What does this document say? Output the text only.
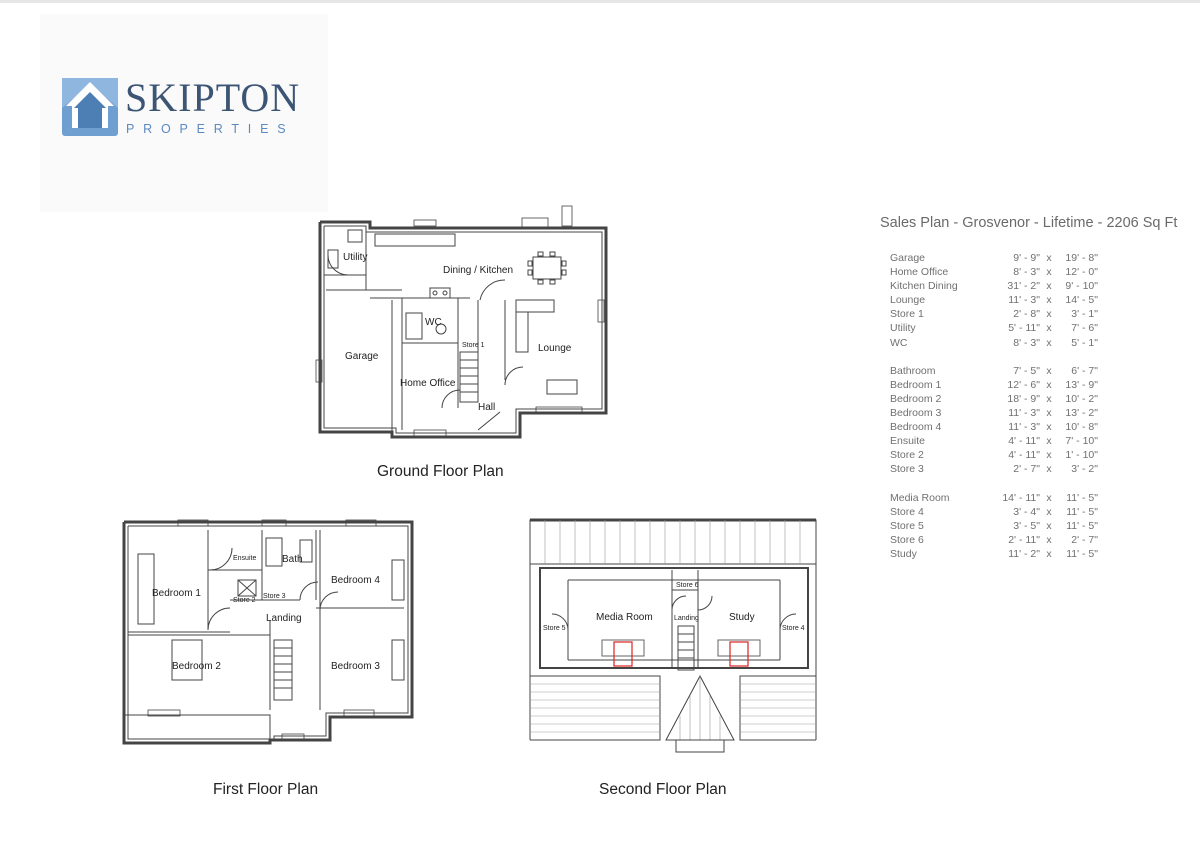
SKIPTON
PROPERTIES
Sales Plan - Grosvenor - Lifetime - 2206 Sq Ft
Garage	9' - 9"	x	19' - 8"
Home Office	8' - 3"	x	12' - 0"
Kitchen Dining	31' - 2"	x	9' - 10"
Lounge	11' - 3"	x	14' - 5"
Store 1	2' - 8"	x	3' - 1"
Utility	5' - 11"	x	7' - 6"
WC	8' - 3"	x	5' - 1"

Bathroom	7' - 5"	x	6' - 7"
Bedroom 1	12' - 6"	x	13' - 9"
Bedroom 2	18' - 9"	x	10' - 2"
Bedroom 3	11' - 3"	x	13' - 2"
Bedroom 4	11' - 3"	x	10' - 8"
Ensuite	4' - 11"	x	7' - 10"
Store 2	4' - 11"	x	1' - 10"
Store 3	2' - 7"	x	3' - 2"

Media Room	14' - 11"	x	11' - 5"
Store 4	3' - 4"	x	11' - 5"
Store 5	3' - 5"	x	11' - 5"
Store 6	2' - 11"	x	2' - 7"
Study	11' - 2"	x	11' - 5"
Utility
Dining / Kitchen
WC
Store 1
Garage
Lounge
Home Office
Hall
Ensuite	Bath
Bedroom 1
Bedroom 4
Store 2
Store 3
Landing
Bedroom 2	Bedroom 3
Store 6
Media Room	Study
Store 5
Landing
Store 4
Ground Floor Plan
First Floor Plan	Second Floor Plan
